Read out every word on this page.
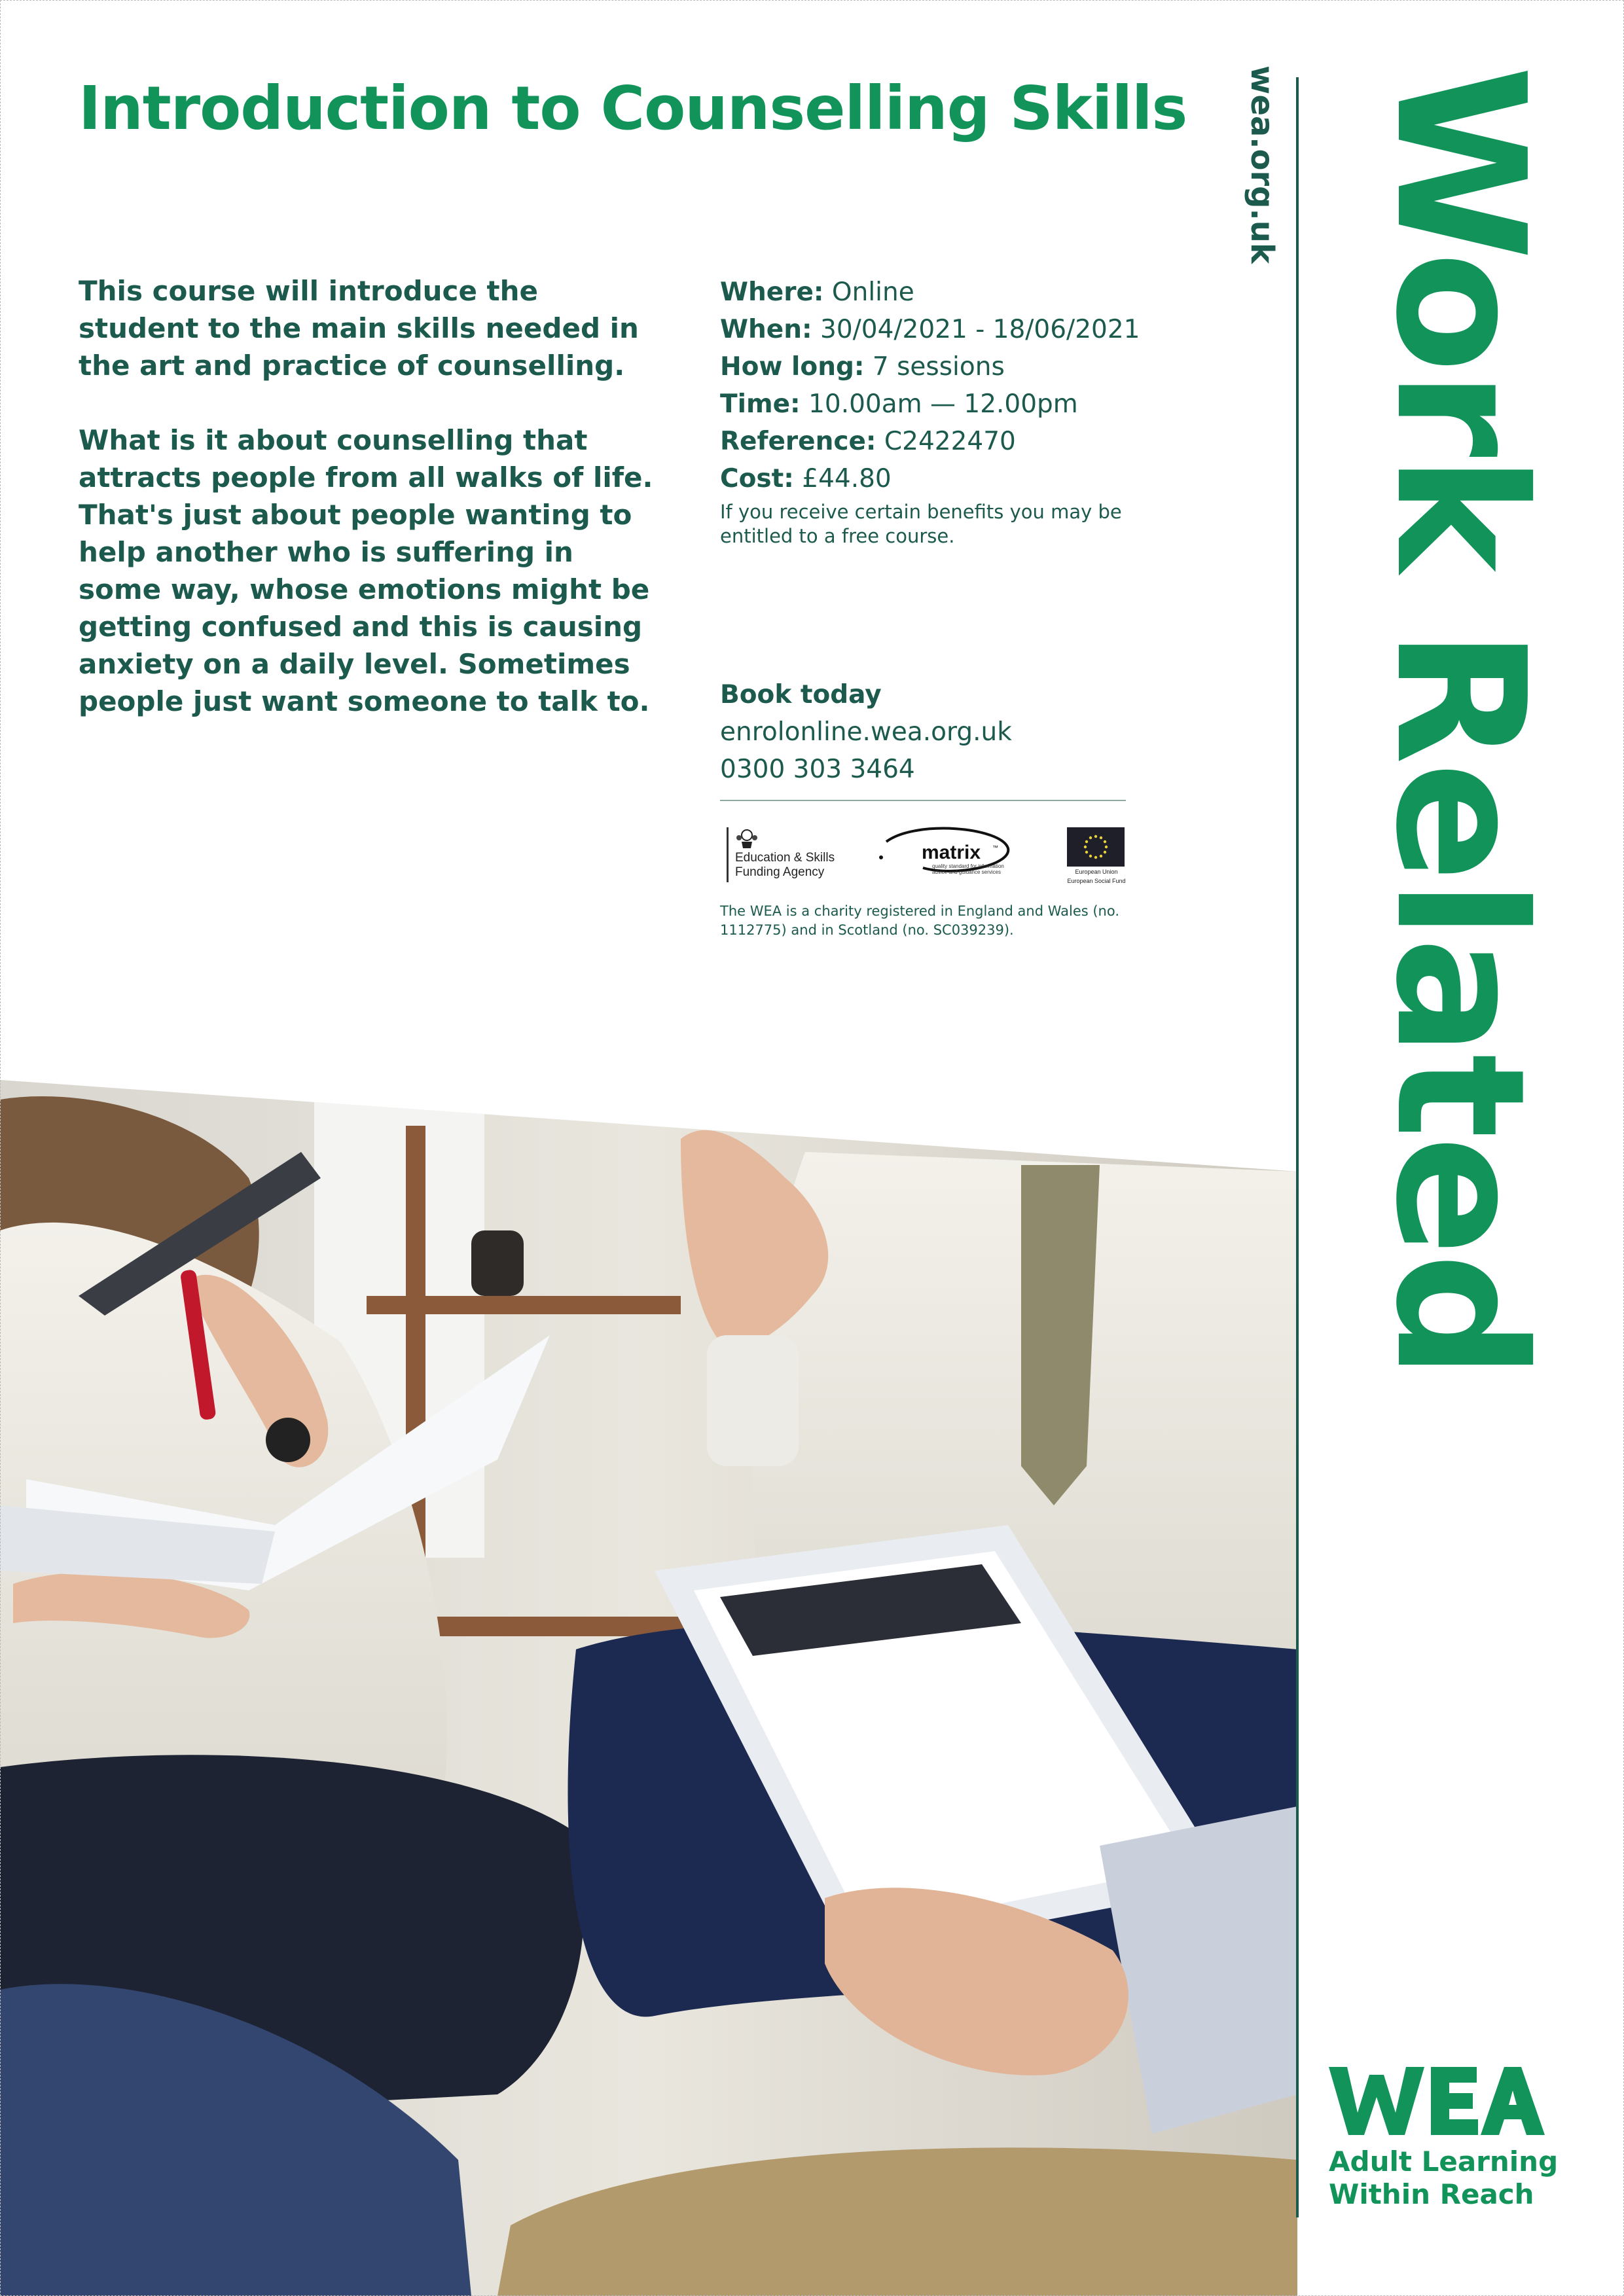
Introduction to Counselling Skills

This course will introduce the student to the main skills needed in the art and practice of counselling.

What is it about counselling that attracts people from all walks of life. That's just about people wanting to help another who is suffering in some way, whose emotions might be getting confused and this is causing anxiety on a daily level. Sometimes people just want someone to talk to.

Where: Online
When: 30/04/2021 - 18/06/2021
How long: 7 sessions
Time: 10.00am — 12.00pm
Reference: C2422470
Cost: £44.80
If you receive certain benefits you may be entitled to a free course.
Book today
enrolonline.wea.org.uk
0300 303 3464
Education & Skills
Funding Agency
matrix ™
quality standard for information
advice and guidance services	European Union
European Social Fund
The WEA is a charity registered in England and Wales (no. 1112775) and in Scotland (no. SC039239).
wea.org.uk Work Related
Adult Learning
Within Reach
